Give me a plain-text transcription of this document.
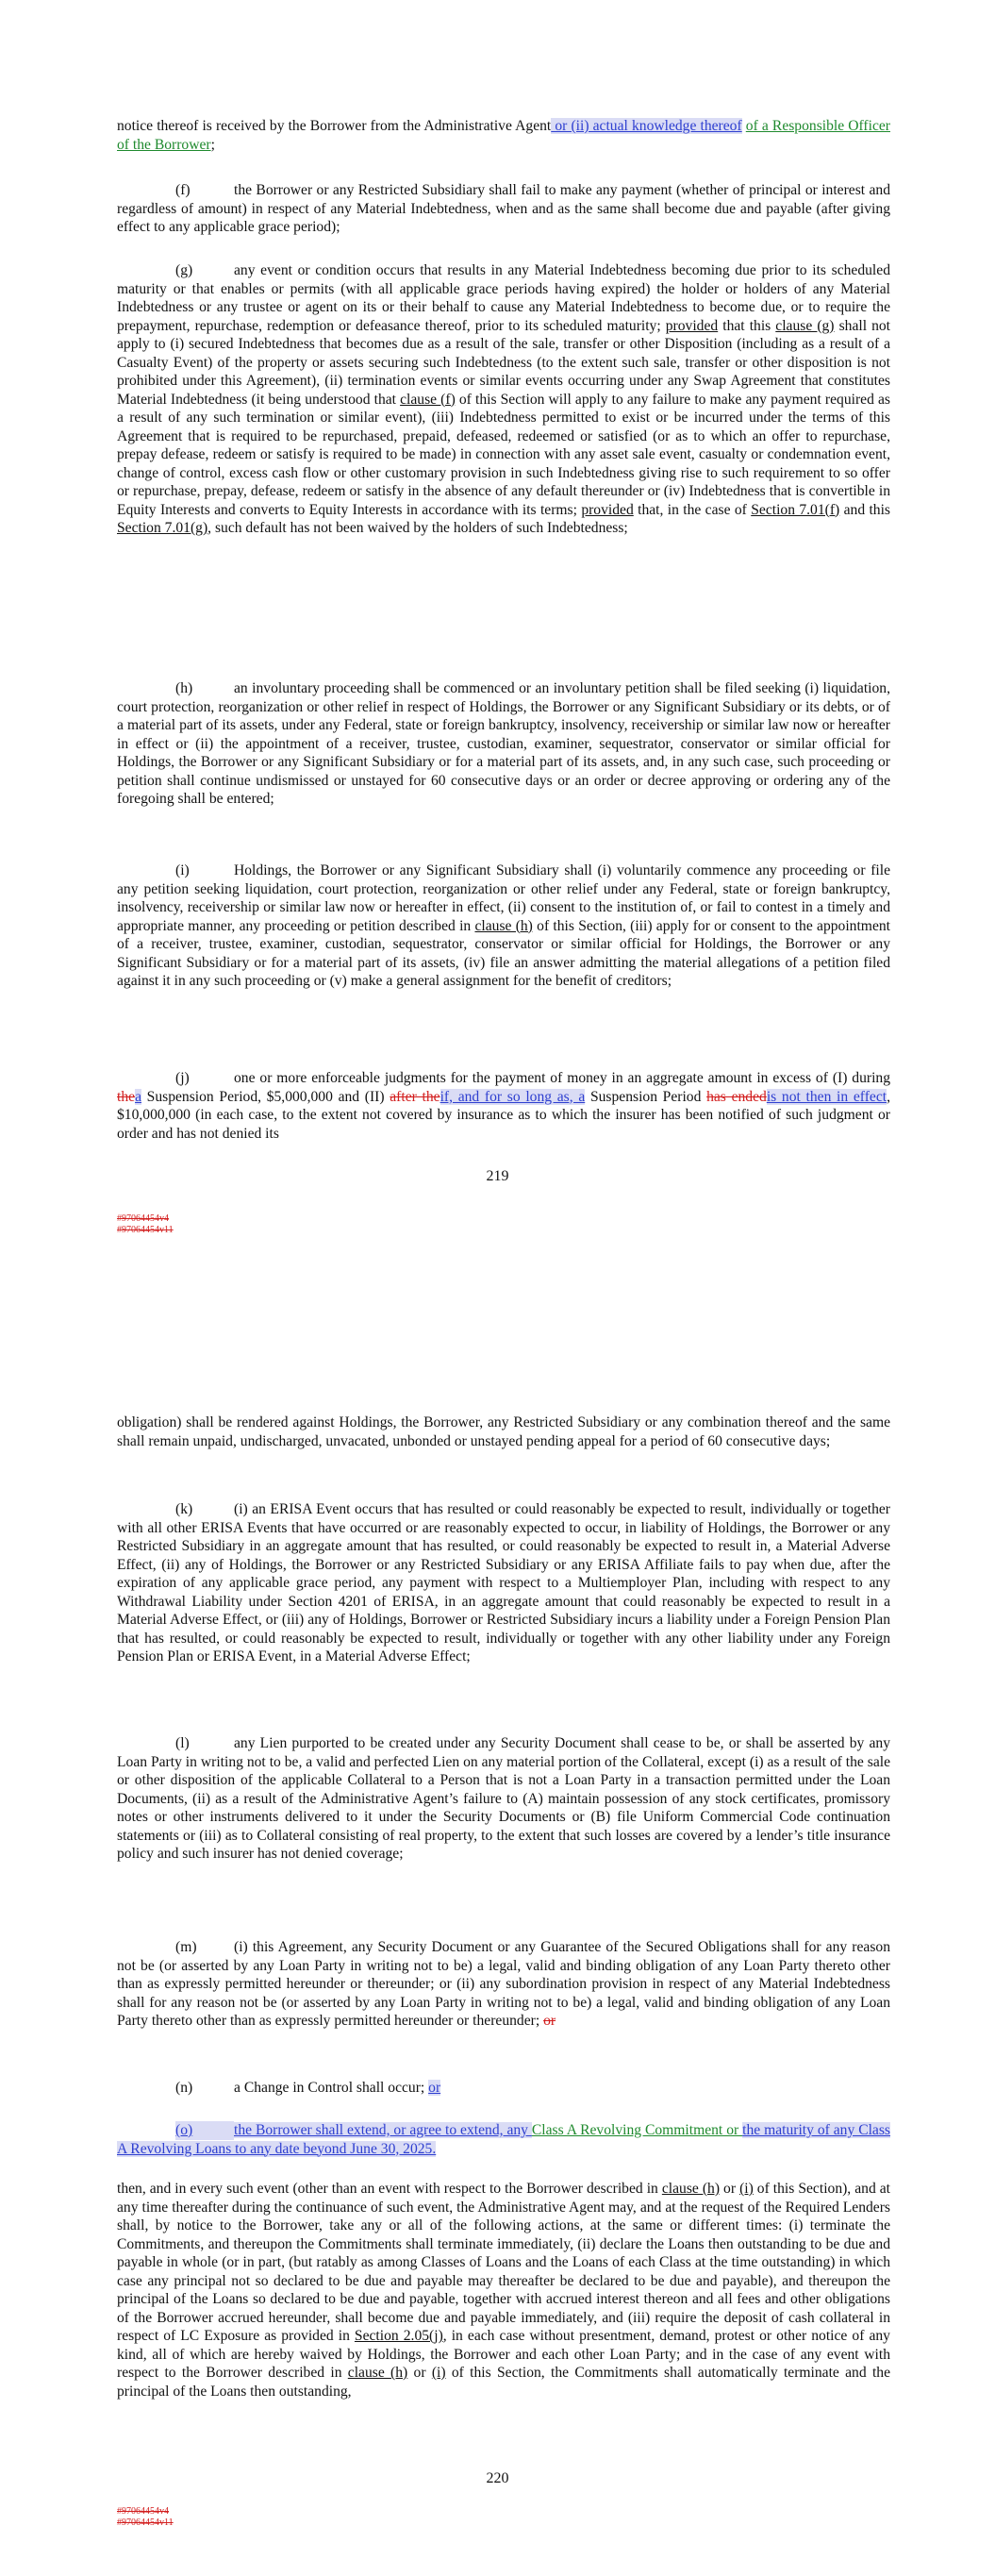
notice thereof is received by the Borrower from the Administrative Agent or (ii) actual knowledge thereof of a Responsible Officer of the Borrower;

(f)	the Borrower or any Restricted Subsidiary shall fail to make any payment (whether of principal or interest and regardless of amount) in respect of any Material Indebtedness, when and as the same shall become due and payable (after giving effect to any applicable grace period);

(g)	any event or condition occurs that results in any Material Indebtedness becoming due prior to its scheduled maturity or that enables or permits (with all applicable grace periods having expired) the holder or holders of any Material Indebtedness or any trustee or agent on its or their behalf to cause any Material Indebtedness to become due, or to require the prepayment, repurchase, redemption or defeasance thereof, prior to its scheduled maturity; provided that this clause (g) shall not apply to (i) secured Indebtedness that becomes due as a result of the sale, transfer or other Disposition (including as a result of a Casualty Event) of the property or assets securing such Indebtedness (to the extent such sale, transfer or other disposition is not prohibited under this Agreement), (ii) termination events or similar events occurring under any Swap Agreement that constitutes Material Indebtedness (it being understood that clause (f) of this Section will apply to any failure to make any payment required as a result of any such termination or similar event), (iii) Indebtedness permitted to exist or be incurred under the terms of this Agreement that is required to be repurchased, prepaid, defeased, redeemed or satisfied (or as to which an offer to repurchase, prepay defease, redeem or satisfy is required to be made) in connection with any asset sale event, casualty or condemnation event, change of control, excess cash flow or other customary provision in such Indebtedness giving rise to such requirement to so offer or repurchase, prepay, defease, redeem or satisfy in the absence of any default thereunder or (iv) Indebtedness that is convertible in Equity Interests and converts to Equity Interests in accordance with its terms; provided that, in the case of Section 7.01(f) and this Section 7.01(g), such default has not been waived by the holders of such Indebtedness;

(h)	an involuntary proceeding shall be commenced or an involuntary petition shall be filed seeking (i) liquidation, court protection, reorganization or other relief in respect of Holdings, the Borrower or any Significant Subsidiary or its debts, or of a material part of its assets, under any Federal, state or foreign bankruptcy, insolvency, receivership or similar law now or hereafter in effect or (ii) the appointment of a receiver, trustee, custodian, examiner, sequestrator, conservator or similar official for Holdings, the Borrower or any Significant Subsidiary or for a material part of its assets, and, in any such case, such proceeding or petition shall continue undismissed or unstayed for 60 consecutive days or an order or decree approving or ordering any of the foregoing shall be entered;

(i)	Holdings, the Borrower or any Significant Subsidiary shall (i) voluntarily commence any proceeding or file any petition seeking liquidation, court protection, reorganization or other relief under any Federal, state or foreign bankruptcy, insolvency, receivership or similar law now or hereafter in effect, (ii) consent to the institution of, or fail to contest in a timely and appropriate manner, any proceeding or petition described in clause (h) of this Section, (iii) apply for or consent to the appointment of a receiver, trustee, examiner, custodian, sequestrator, conservator or similar official for Holdings, the Borrower or any Significant Subsidiary or for a material part of its assets, (iv) file an answer admitting the material allegations of a petition filed against it in any such proceeding or (v) make a general assignment for the benefit of creditors;

(j)	one or more enforceable judgments for the payment of money in an aggregate amount in excess of (I) during thea Suspension Period, $5,000,000 and (II) after theif, and for so long as, a Suspension Period has endedis not then in effect, $10,000,000 (in each case, to the extent not covered by insurance as to which the insurer has been notified of such judgment or order and has not denied its

219
#97064454v4
#97064454v11

obligation) shall be rendered against Holdings, the Borrower, any Restricted Subsidiary or any combination thereof and the same shall remain unpaid, undischarged, unvacated, unbonded or unstayed pending appeal for a period of 60 consecutive days;

(k)	(i) an ERISA Event occurs that has resulted or could reasonably be expected to result, individually or together with all other ERISA Events that have occurred or are reasonably expected to occur, in liability of Holdings, the Borrower or any Restricted Subsidiary in an aggregate amount that has resulted, or could reasonably be expected to result in, a Material Adverse Effect, (ii) any of Holdings, the Borrower or any Restricted Subsidiary or any ERISA Affiliate fails to pay when due, after the expiration of any applicable grace period, any payment with respect to a Multiemployer Plan, including with respect to any Withdrawal Liability under Section 4201 of ERISA, in an aggregate amount that could reasonably be expected to result in a Material Adverse Effect, or (iii) any of Holdings, Borrower or Restricted Subsidiary incurs a liability under a Foreign Pension Plan that has resulted, or could reasonably be expected to result, individually or together with any other liability under any Foreign Pension Plan or ERISA Event, in a Material Adverse Effect;

(l)	any Lien purported to be created under any Security Document shall cease to be, or shall be asserted by any Loan Party in writing not to be, a valid and perfected Lien on any material portion of the Collateral, except (i) as a result of the sale or other disposition of the applicable Collateral to a Person that is not a Loan Party in a transaction permitted under the Loan Documents, (ii) as a result of the Administrative Agent’s failure to (A) maintain possession of any stock certificates, promissory notes or other instruments delivered to it under the Security Documents or (B) file Uniform Commercial Code continuation statements or (iii) as to Collateral consisting of real property, to the extent that such losses are covered by a lender’s title insurance policy and such insurer has not denied coverage;

(m)	(i) this Agreement, any Security Document or any Guarantee of the Secured Obligations shall for any reason not be (or asserted by any Loan Party in writing not to be) a legal, valid and binding obligation of any Loan Party thereto other than as expressly permitted hereunder or thereunder; or (ii) any subordination provision in respect of any Material Indebtedness shall for any reason not be (or asserted by any Loan Party in writing not to be) a legal, valid and binding obligation of any Loan Party thereto other than as expressly permitted hereunder or thereunder; or

(n)	a Change in Control shall occur; or

(o)	the Borrower shall extend, or agree to extend, any Class A Revolving Commitment or the maturity of any Class A Revolving Loans to any date beyond June 30, 2025.

then, and in every such event (other than an event with respect to the Borrower described in clause (h) or (i) of this Section), and at any time thereafter during the continuance of such event, the Administrative Agent may, and at the request of the Required Lenders shall, by notice to the Borrower, take any or all of the following actions, at the same or different times: (i) terminate the Commitments, and thereupon the Commitments shall terminate immediately, (ii) declare the Loans then outstanding to be due and payable in whole (or in part, (but ratably as among Classes of Loans and the Loans of each Class at the time outstanding) in which case any principal not so declared to be due and payable may thereafter be declared to be due and payable), and thereupon the principal of the Loans so declared to be due and payable, together with accrued interest thereon and all fees and other obligations of the Borrower accrued hereunder, shall become due and payable immediately, and (iii) require the deposit of cash collateral in respect of LC Exposure as provided in Section 2.05(j), in each case without presentment, demand, protest or other notice of any kind, all of which are hereby waived by Holdings, the Borrower and each other Loan Party; and in the case of any event with respect to the Borrower described in clause (h) or (i) of this Section, the Commitments shall automatically terminate and the principal of the Loans then outstanding,

220
#97064454v4
#97064454v11
